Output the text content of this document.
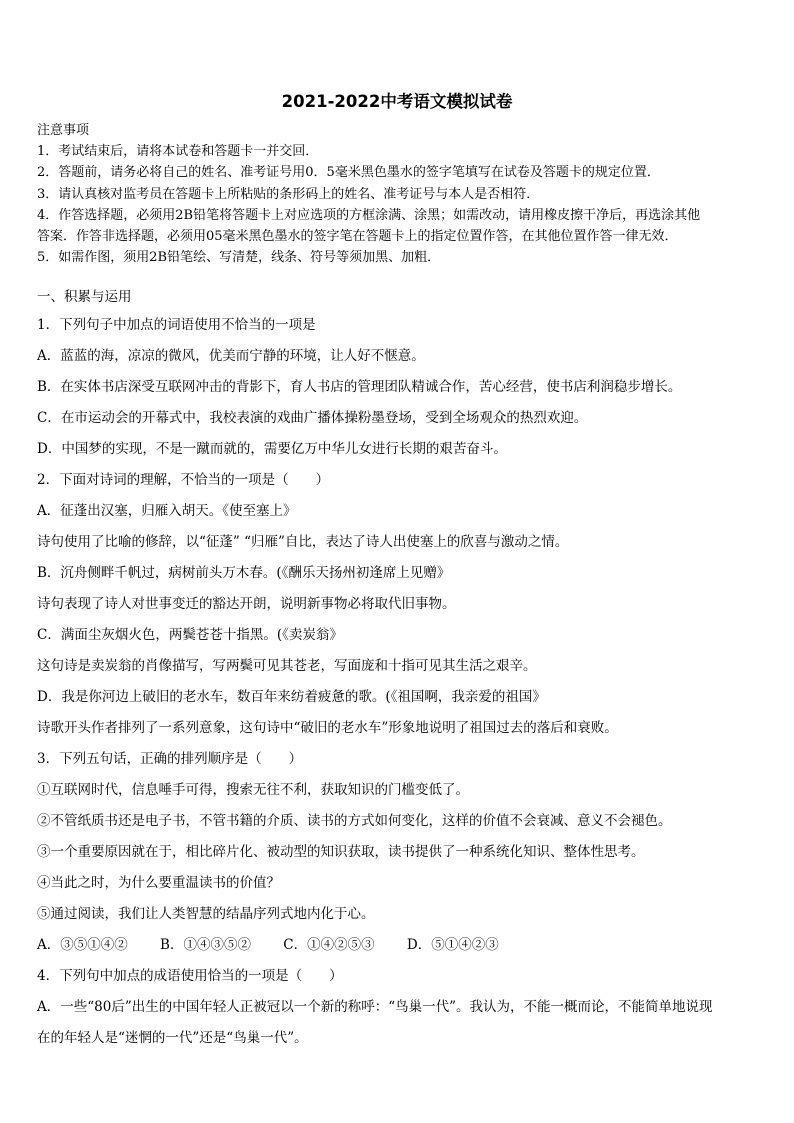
2021-2022中考语文模拟试卷
注意事项
1．考试结束后，请将本试卷和答题卡一并交回．
2．答题前，请务必将自己的姓名、准考证号用0．5毫米黑色墨水的签字笔填写在试卷及答题卡的规定位置．
3．请认真核对监考员在答题卡上所粘贴的条形码上的姓名、准考证号与本人是否相符．
4．作答选择题，必须用2B铅笔将答题卡上对应选项的方框涂满、涂黑；如需改动，请用橡皮擦干净后，再选涂其他
答案．作答非选择题，必须用05毫米黑色墨水的签字笔在答题卡上的指定位置作答，在其他位置作答一律无效．
5．如需作图，须用2B铅笔绘、写清楚，线条、符号等须加黑、加粗．
一、积累与运用
1．下列句子中加点的词语使用不恰当的一项是
A．蓝蓝的海，凉凉的微风，优美而宁静的环境，让人好不惬意。
B．在实体书店深受互联网冲击的背影下，育人书店的管理团队精诚合作，苦心经营，使书店利润稳步增长。
C．在市运动会的开幕式中，我校表演的戏曲广播体操粉墨登场，受到全场观众的热烈欢迎。
D．中国梦的实现，不是一蹴而就的，需要亿万中华儿女进行长期的艰苦奋斗。
2．下面对诗词的理解，不恰当的一项是（　　）
A．征蓬出汉塞，归雁入胡天。《使至塞上》
诗句使用了比喻的修辞，以“征蓬” “归雁”自比，表达了诗人出使塞上的欣喜与激动之情。
B．沉舟侧畔千帆过，病树前头万木春。(《酬乐天扬州初逢席上见赠》
诗句表现了诗人对世事变迁的豁达开朗，说明新事物必将取代旧事物。
C．满面尘灰烟火色，两鬓苍苍十指黑。(《卖炭翁》
这句诗是卖炭翁的肖像描写，写两鬓可见其苍老，写面庞和十指可见其生活之艰辛。
D．我是你河边上破旧的老水车，数百年来纺着疲惫的歌。(《祖国啊，我亲爱的祖国》
诗歌开头作者排列了一系列意象，这句诗中“破旧的老水车”形象地说明了祖国过去的落后和衰败。
3．下列五句话，正确的排列顺序是（　　）
①互联网时代，信息唾手可得，搜索无往不利，获取知识的门槛变低了。
②不管纸质书还是电子书，不管书籍的介质、读书的方式如何变化，这样的价值不会衰减、意义不会褪色。
③一个重要原因就在于，相比碎片化、被动型的知识获取，读书提供了一种系统化知识、整体性思考。
④当此之时，为什么要重温读书的价值？
⑤通过阅读，我们让人类智慧的结晶序列式地内化于心。
A．③⑤①④② B．①④③⑤② C．①④②⑤③ D．⑤①④②③
4．下列句中加点的成语使用恰当的一项是（　　）
A．一些“80后”出生的中国年轻人正被冠以一个新的称呼：“鸟巢一代”。我认为，不能一概而论，不能简单地说现
在的年轻人是“迷惘的一代”还是“鸟巢一代”。
